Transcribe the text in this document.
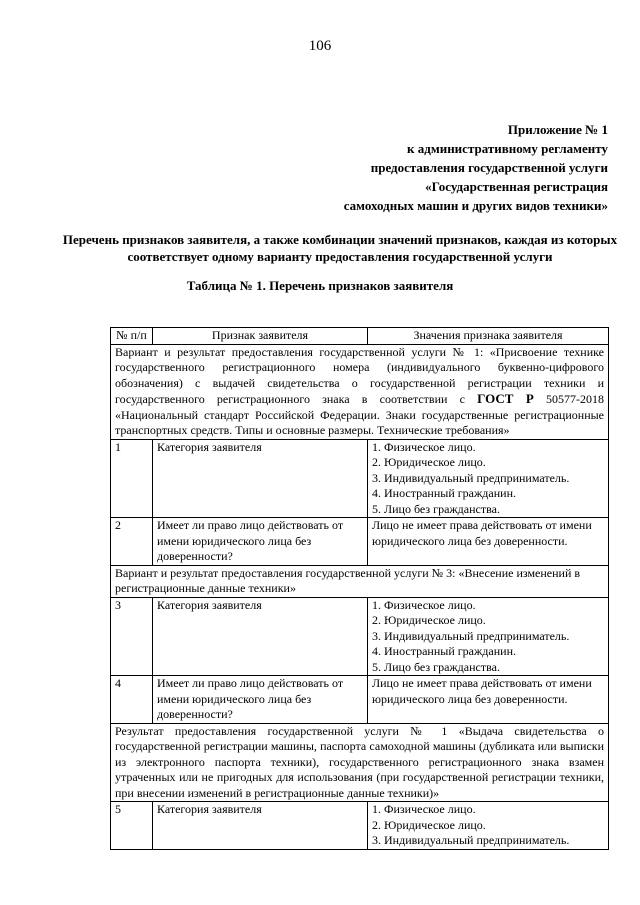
106
Приложение № 1
к административному регламенту
предоставления государственной услуги
«Государственная регистрация
самоходных машин и других видов техники»
Перечень признаков заявителя, а также комбинации значений признаков, каждая из которых соответствует одному варианту предоставления государственной услуги
Таблица № 1. Перечень признаков заявителя
№ п/п	Признак заявителя	Значения признака заявителя
Вариант и результат предоставления государственной услуги № 1: «Присвоение технике государственного регистрационного номера (индивидуального буквенно-цифрового обозначения) с выдачей свидетельства о государственной регистрации техники и государственного регистрационного знака в соответствии с ГОСТ Р 50577-2018 «Национальный стандарт Российской Федерации. Знаки государственные регистрационные транспортных средств. Типы и основные размеры. Технические требования»		
1	Категория заявителя	1. Физическое лицо.
2. Юридическое лицо.
3. Индивидуальный предприниматель.
4. Иностранный гражданин.
5. Лицо без гражданства.

2	Имеет ли право лицо действовать от имени юридического лица без доверенности?	Лицо не имеет права действовать от имени юридического лица без доверенности.
Вариант и результат предоставления государственной услуги № 3: «Внесение изменений в регистрационные данные техники»		
3	Категория заявителя	1. Физическое лицо.
2. Юридическое лицо.
3. Индивидуальный предприниматель.
4. Иностранный гражданин.
5. Лицо без гражданства.

4	Имеет ли право лицо действовать от имени юридического лица без доверенности?	Лицо не имеет права действовать от имени юридического лица без доверенности.
Результат предоставления государственной услуги № 1 «Выдача свидетельства о государственной регистрации машины, паспорта самоходной машины (дубликата или выписки из электронного паспорта техники), государственного регистрационного знака взамен утраченных или не пригодных для использования (при государственной регистрации техники, при внесении изменений в регистрационные данные техники)»		
5	Категория заявителя	1. Физическое лицо.
2. Юридическое лицо.
3. Индивидуальный предприниматель.
